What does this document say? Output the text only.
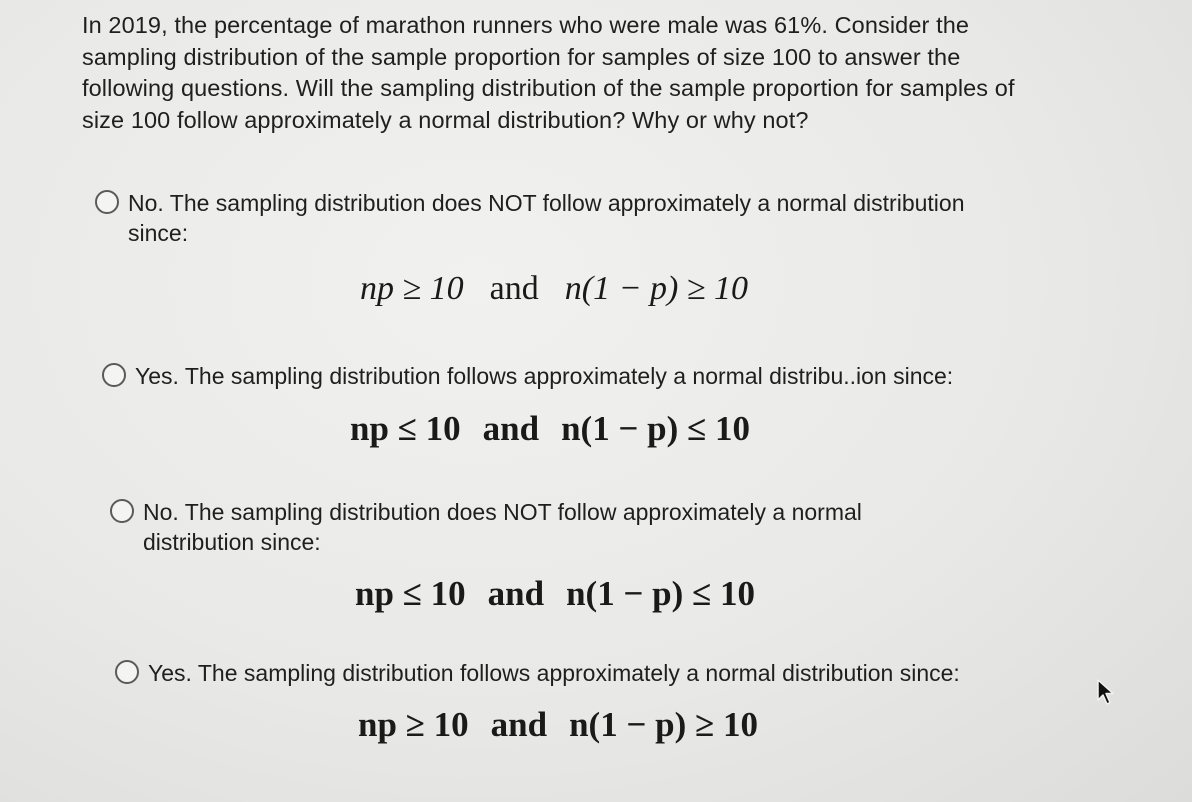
In 2019, the percentage of marathon runners who were male was 61%. Consider the sampling distribution of the sample proportion for samples of size 100 to answer the following questions. Will the sampling distribution of the sample proportion for samples of size 100 follow approximately a normal distribution? Why or why not?

No. The sampling distribution does NOT follow approximately a normal distribution since:
np ≥ 10 and n(1 − p) ≥ 10
Yes. The sampling distribution follows approximately a normal distribu..ion since:
np ≤ 10 and n(1 − p) ≤ 10
No. The sampling distribution does NOT follow approximately a normal distribution since:
np ≤ 10 and n(1 − p) ≤ 10
Yes. The sampling distribution follows approximately a normal distribution since:
np ≥ 10 and n(1 − p) ≥ 10
